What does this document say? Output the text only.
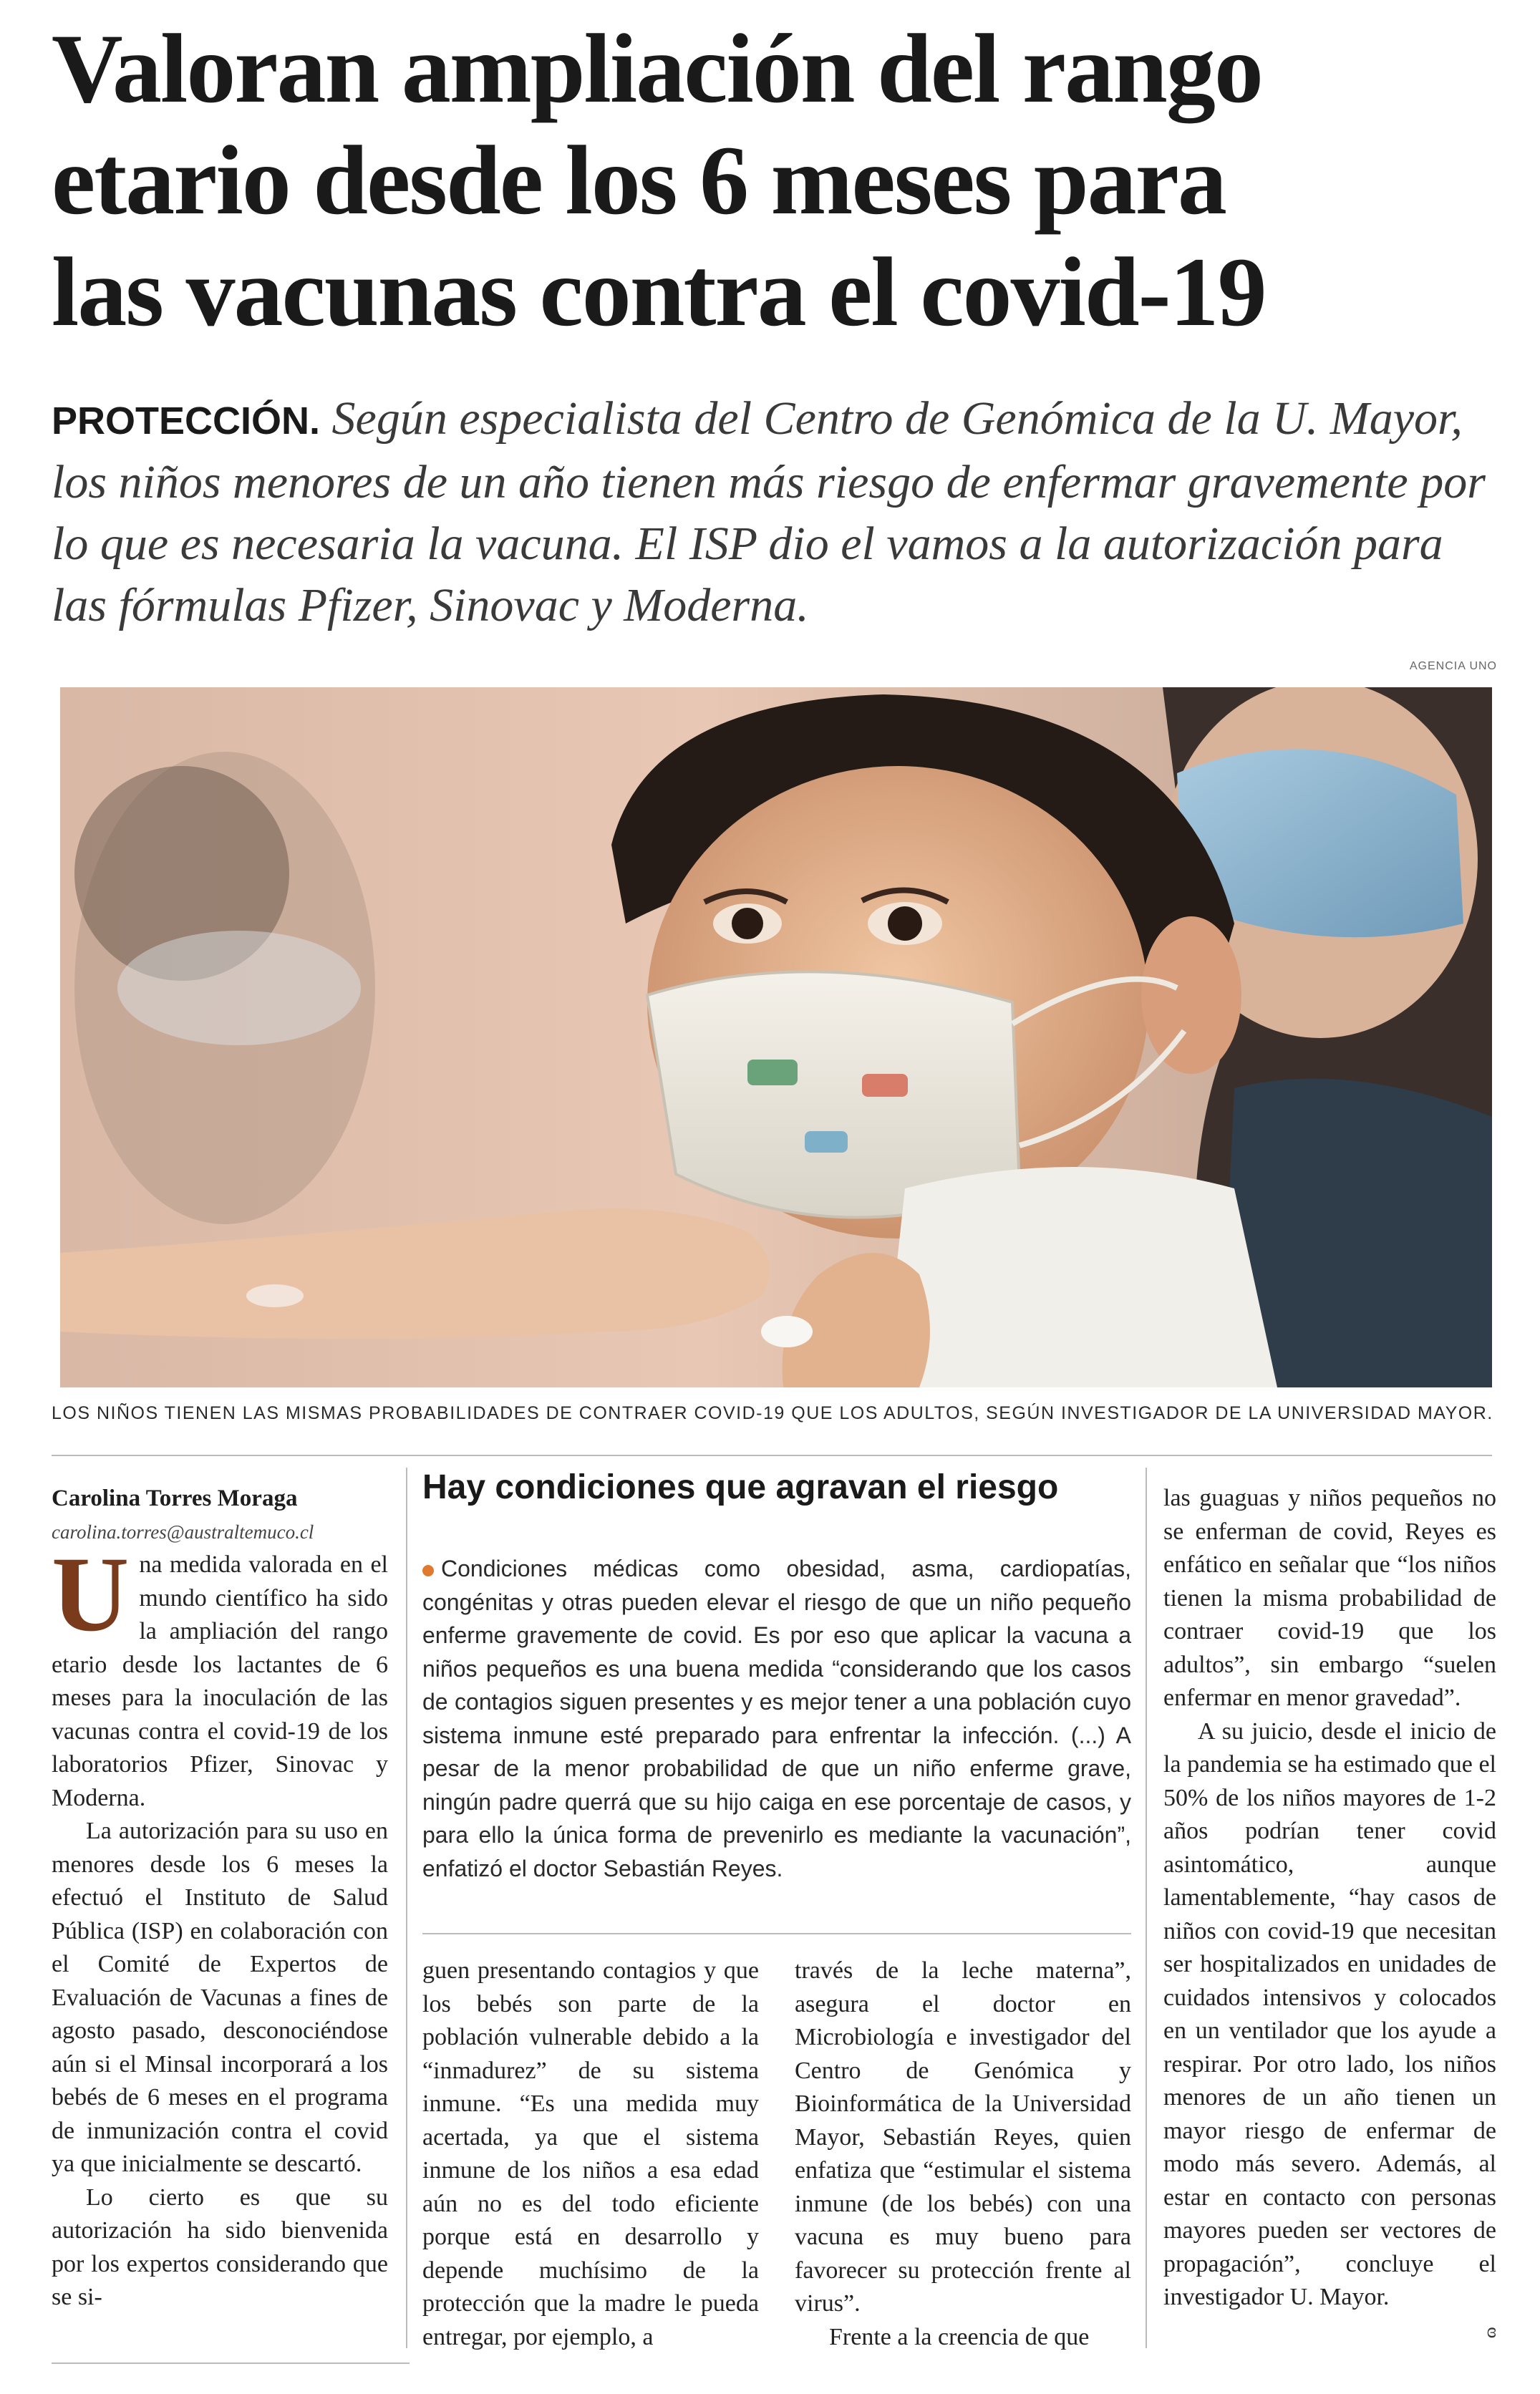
Valoran ampliación del rango
etario desde los 6 meses para
las vacunas contra el covid-19

PROTECCIÓN. Según especialista del Centro de Genómica de la U. Mayor, los niños menores de un año tienen más riesgo de enfermar gravemente por lo que es necesaria la vacuna. El ISP dio el vamos a la autorización para las fórmulas Pfizer, Sinovac y Moderna.

AGENCIA UNO

LOS NIÑOS TIENEN LAS MISMAS PROBABILIDADES DE CONTRAER COVID-19 QUE LOS ADULTOS, SEGÚN INVESTIGADOR DE LA UNIVERSIDAD MAYOR.

Carolina Torres Moraga

carolina.torres@australtemuco.cl

Una medida valorada en el mundo científico ha sido la ampliación del rango etario desde los lactantes de 6 meses para la inoculación de las vacunas contra el covid-19 de los laboratorios Pfizer, Sinovac y Moderna.

La autorización para su uso en menores desde los 6 meses la efectuó el Instituto de Salud Pública (ISP) en colaboración con el Comité de Expertos de Evaluación de Vacunas a fines de agosto pasado, desconociéndose aún si el Minsal incorporará a los bebés de 6 meses en el programa de inmunización contra el covid ya que inicialmente se descartó.

Lo cierto es que su autorización ha sido bienvenida por los expertos considerando que se si-

Hay condiciones que agravan el riesgo

Condiciones médicas como obesidad, asma, cardiopatías, congénitas y otras pueden elevar el riesgo de que un niño pequeño enferme gravemente de covid. Es por eso que aplicar la vacuna a niños pequeños es una buena medida “considerando que los casos de contagios siguen presentes y es mejor tener a una población cuyo sistema inmune esté preparado para enfrentar la infección. (...) A pesar de la menor probabilidad de que un niño enferme grave, ningún padre querrá que su hijo caiga en ese porcentaje de casos, y para ello la única forma de prevenirlo es mediante la vacunación”, enfatizó el doctor Sebastián Reyes.

guen presentando contagios y que los bebés son parte de la población vulnerable debido a la “inmadurez” de su sistema inmune. “Es una medida muy acertada, ya que el sistema inmune de los niños a esa edad aún no es del todo eficiente porque está en desarrollo y depende muchísimo de la protección que la madre le pueda entregar, por ejemplo, a

través de la leche materna”, asegura el doctor en Microbiología e investigador del Centro de Genómica y Bioinformática de la Universidad Mayor, Sebastián Reyes, quien enfatiza que “estimular el sistema inmune (de los bebés) con una vacuna es muy bueno para favorecer su protección frente al virus”.

Frente a la creencia de que

las guaguas y niños pequeños no se enferman de covid, Reyes es enfático en señalar que “los niños tienen la misma probabilidad de contraer covid-19 que los adultos”, sin embargo “suelen enfermar en menor gravedad”.

A su juicio, desde el inicio de la pandemia se ha estimado que el 50% de los niños mayores de 1-2 años podrían tener covid asintomático, aunque lamentablemente, “hay casos de niños con covid-19 que necesitan ser hospitalizados en unidades de cuidados intensivos y colocados en un ventilador que los ayude a respirar. Por otro lado, los niños menores de un año tienen un mayor riesgo de enfermar de modo más severo. Además, al estar en contacto con personas mayores pueden ser vectores de propagación”, concluye el investigador U. Mayor.

ɞ
